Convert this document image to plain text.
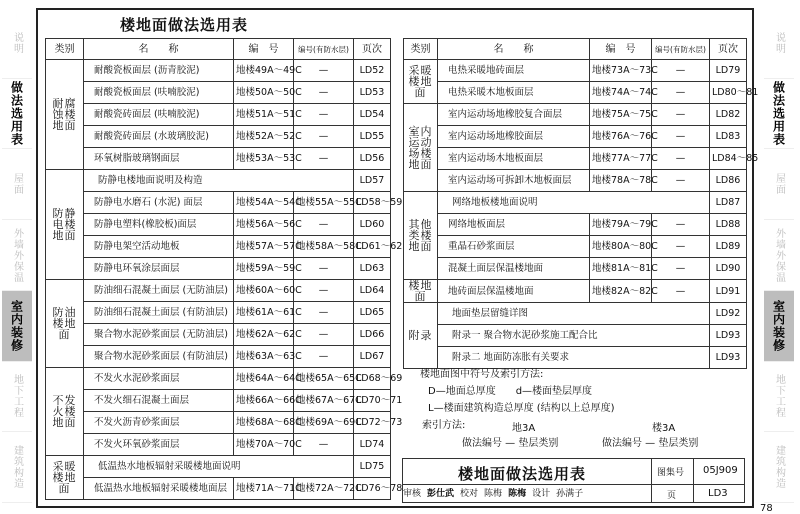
说明
做法选用表
屋面
外墙外保温
室内装修
地下工程
建筑构造
说明
做法选用表
屋面
外墙外保温
室内装修
地下工程
建筑构造
楼地面做法选用表
类别	名　　称	编　号	编号(有防水层)	页次
耐腐蚀楼地面	耐酸瓷板面层 (沥青胶泥)	地楼49A～49C	—	LD52
	耐酸瓷板面层 (呋喃胶泥)	地楼50A～50C	—	LD53
	耐酸瓷砖面层 (呋喃胶泥)	地楼51A～51C	—	LD54
	耐酸瓷砖面层 (水玻璃胶泥)	地楼52A～52C	—	LD55
	环氧树脂玻璃钢面层	地楼53A～53C	—	LD56
防静电楼地面	防静电楼地面说明及构造			LD57
	防静电水磨石 (水泥) 面层	地楼54A～54C	地楼55A～55C	LD58～59
	防静电塑料(橡胶板)面层	地楼56A～56C	—	LD60
	防静电架空活动地板	地楼57A～57C	地楼58A～58C	LD61～62
	防静电环氧涂层面层	地楼59A～59C	—	LD63
防油楼地面	防油细石混凝土面层 (无防油层)	地楼60A～60C	—	LD64
	防油细石混凝土面层 (有防油层)	地楼61A～61C	—	LD65
	聚合物水泥砂浆面层 (无防油层)	地楼62A～62C	—	LD66
	聚合物水泥砂浆面层 (有防油层)	地楼63A～63C	—	LD67
不发火楼地面	不发火水泥砂浆面层	地楼64A～64C	地楼65A～65C	LD68～69
	不发火细石混凝土面层	地楼66A～66C	地楼67A～67C	LD70～71
	不发火沥青砂浆面层	地楼68A～68C	地楼69A～69C	LD72～73
	不发火环氧砂浆面层	地楼70A～70C	—	LD74
采暖楼地面	低温热水地板辐射采暖楼地面说明			LD75
	低温热水地板辐射采暖楼地面层	地楼71A～71C	地楼72A～72C	LD76～78
类别	名　　称	编　号	编号(有防水层)	页次
采暖楼地面	电热采暖地砖面层	地楼73A～73C	—	LD79
	电热采暖木地板面层	地楼74A～74C	—	LD80～81
室内运动场楼地面	室内运动场地橡胶复合面层	地楼75A～75C	—	LD82
	室内运动场地橡胶面层	地楼76A～76C	—	LD83
	室内运动场木地板面层	地楼77A～77C	—	LD84～85
	室内运动场可拆卸木地板面层	地楼78A～78C	—	LD86
其他类楼地面	网络地板楼地面说明			LD87
	网络地板面层	地楼79A～79C	—	LD88
	重晶石砂浆面层	地楼80A～80C	—	LD89
	混凝土面层保温楼地面	地楼81A～81C	—	LD90
楼地面	地砖面层保温楼地面	地楼82A～82C	—	LD91
附录	地面垫层留缝详图			LD92
	附录一 聚合物水泥砂浆施工配合比			LD93
	附录二 地面防冻胀有关要求			LD93
楼地面图中符号及索引方法:
D—地面总厚度　　d—楼面垫层厚度
L—楼面建筑构造总厚度 (结构以上总厚度)
索引方法:	地3A	楼3A
做法编号 — 垫层类别	做法编号 — 垫层类别
楼地面做法选用表	图集号 05J909
审核 彭仕武 校对 陈梅 陈梅 设计 孙满子	页	LD3
78
